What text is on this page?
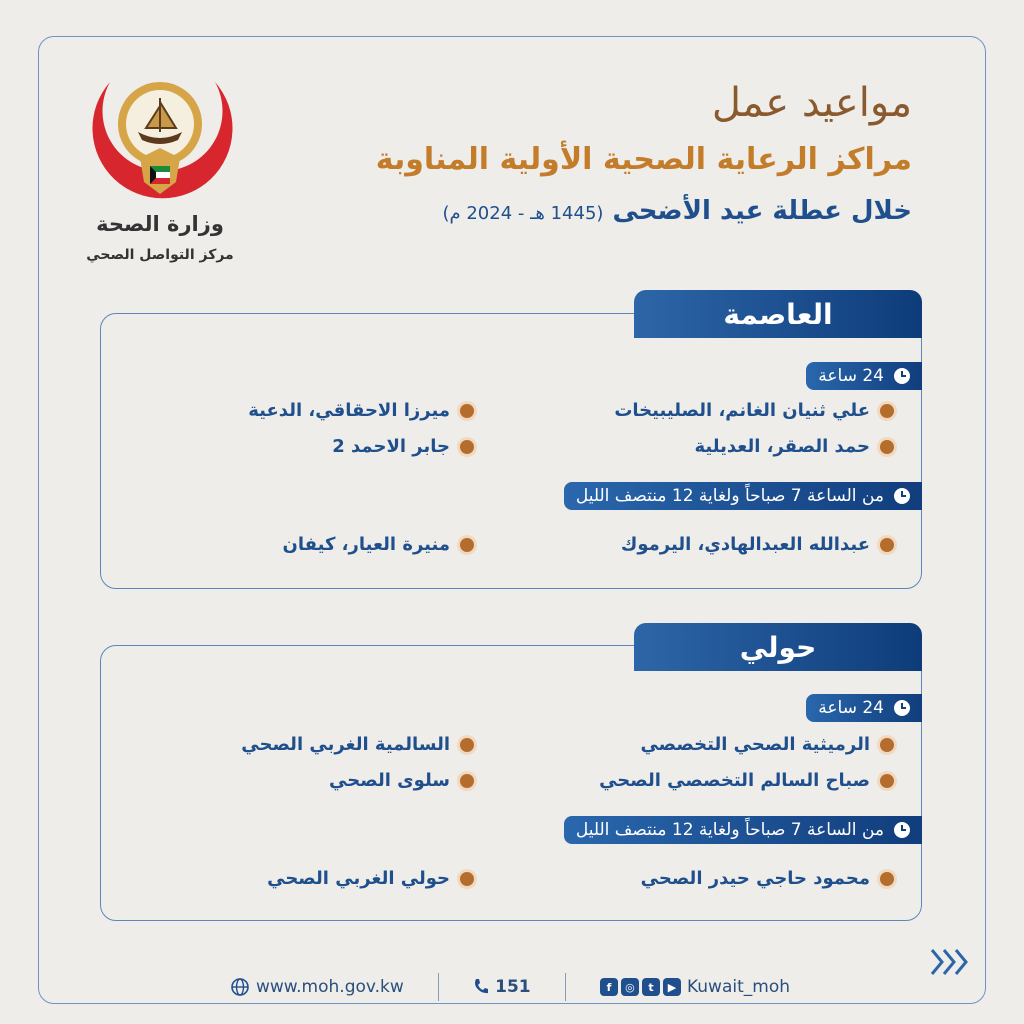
وزارة الصحة
مركز التواصل الصحي
مواعيد عمل
مراكز الرعاية الصحية الأولية المناوبة
خلال عطلة عيد الأضحى (1445 هـ - 2024 م)
العاصمة
24 ساعة
علي ثنيان الغانم، الصليبيخات
حمد الصقر، العديلية
ميرزا الاحقاقي، الدعية
جابر الاحمد 2
من الساعة 7 صباحاً ولغاية 12 منتصف الليل
عبدالله العبدالهادي، اليرموك
منيرة العيار، كيفان
حولي
24 ساعة
الرميثية الصحي التخصصي
صباح السالم التخصصي الصحي
السالمية الغربي الصحي
سلوى الصحي
من الساعة 7 صباحاً ولغاية 12 منتصف الليل
محمود حاجي حيدر الصحي
حولي الغربي الصحي
www.moh.gov.kw	151	f	◎	t	▶ Kuwait_moh
